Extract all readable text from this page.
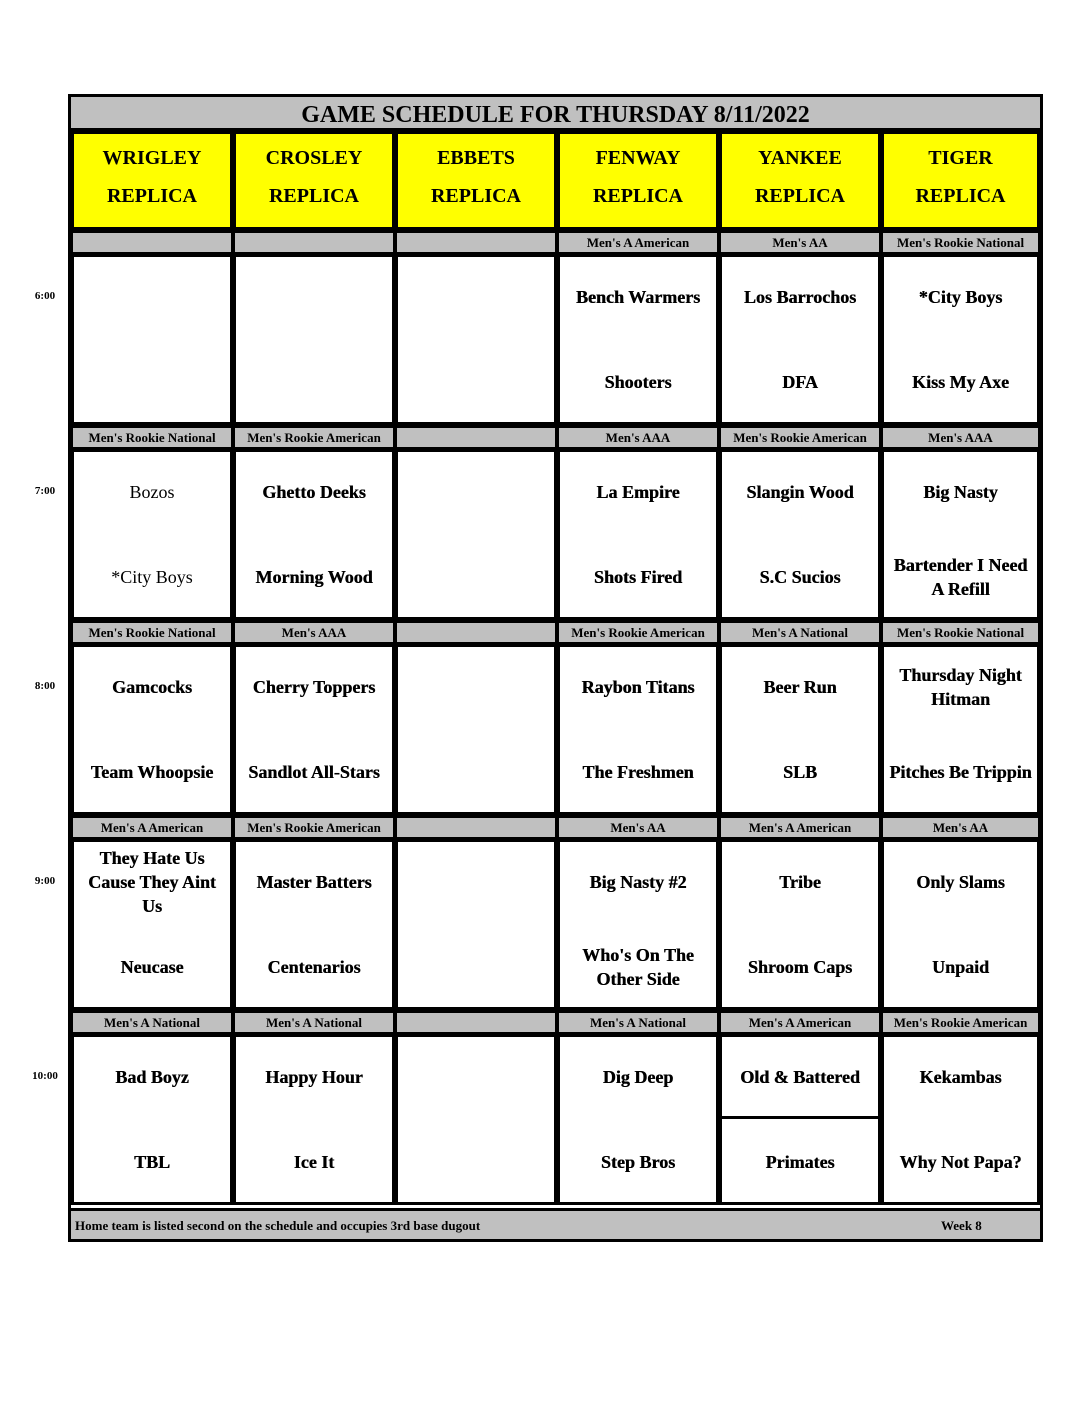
GAME SCHEDULE FOR THURSDAY 8/11/2022
WRIGLEY
REPLICA
CROSLEY
REPLICA
EBBETS
REPLICA
FENWAY
REPLICA
YANKEE
REPLICA
TIGER
REPLICA
Men's A American
Bench Warmers
Shooters
Men's AA
Los Barrochos
DFA
Men's Rookie National
*City Boys
Kiss My Axe
Men's Rookie National
Bozos
*City Boys
Men's Rookie American
Ghetto Deeks
Morning Wood
Men's AAA
La Empire
Shots Fired
Men's Rookie American
Slangin Wood
S.C Sucios
Men's AAA
Big Nasty
Bartender I Need A Refill
Men's Rookie National
Gamcocks
Team Whoopsie
Men's AAA
Cherry Toppers
Sandlot All-Stars
Men's Rookie American
Raybon Titans
The Freshmen
Men's A National
Beer Run
SLB
Men's Rookie National
Thursday Night Hitman
Pitches Be Trippin
Men's A American
They Hate Us Cause They Aint Us
Neucase
Men's Rookie American
Master Batters
Centenarios
Men's AA
Big Nasty #2
Who's On The Other Side
Men's A American
Tribe
Shroom Caps
Men's AA
Only Slams
Unpaid
Men's A National
Bad Boyz
TBL
Men's A National
Happy Hour
Ice It
Men's A National
Dig Deep
Step Bros
Men's A American
Old & Battered
Primates
Men's Rookie American
Kekambas
Why Not Papa?
Home team is listed second on the schedule and occupies 3rd base dugout	Week 8
6:00
7:00
8:00
9:00
10:00
